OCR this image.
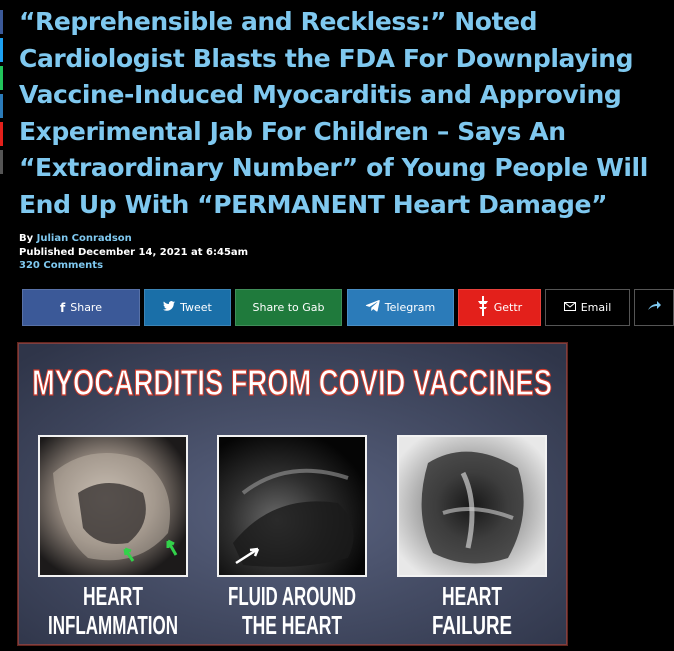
“Reprehensible and Reckless:” Noted Cardiologist Blasts the FDA For Downplaying Vaccine-Induced Myocarditis and Approving Experimental Jab For Children – Says An “Extraordinary Number” of Young People Will End Up With “PERMANENT Heart Damage”
By Julian Conradson
Published December 14, 2021 at 6:45am
320 Comments
f Share	Tweet	Share to Gab	Telegram	Gettr	Email
MYOCARDITIS FROM COVID VACCINES
HEART
INFLAMMATION
FLUID AROUND
THE HEART
HEART
FAILURE
